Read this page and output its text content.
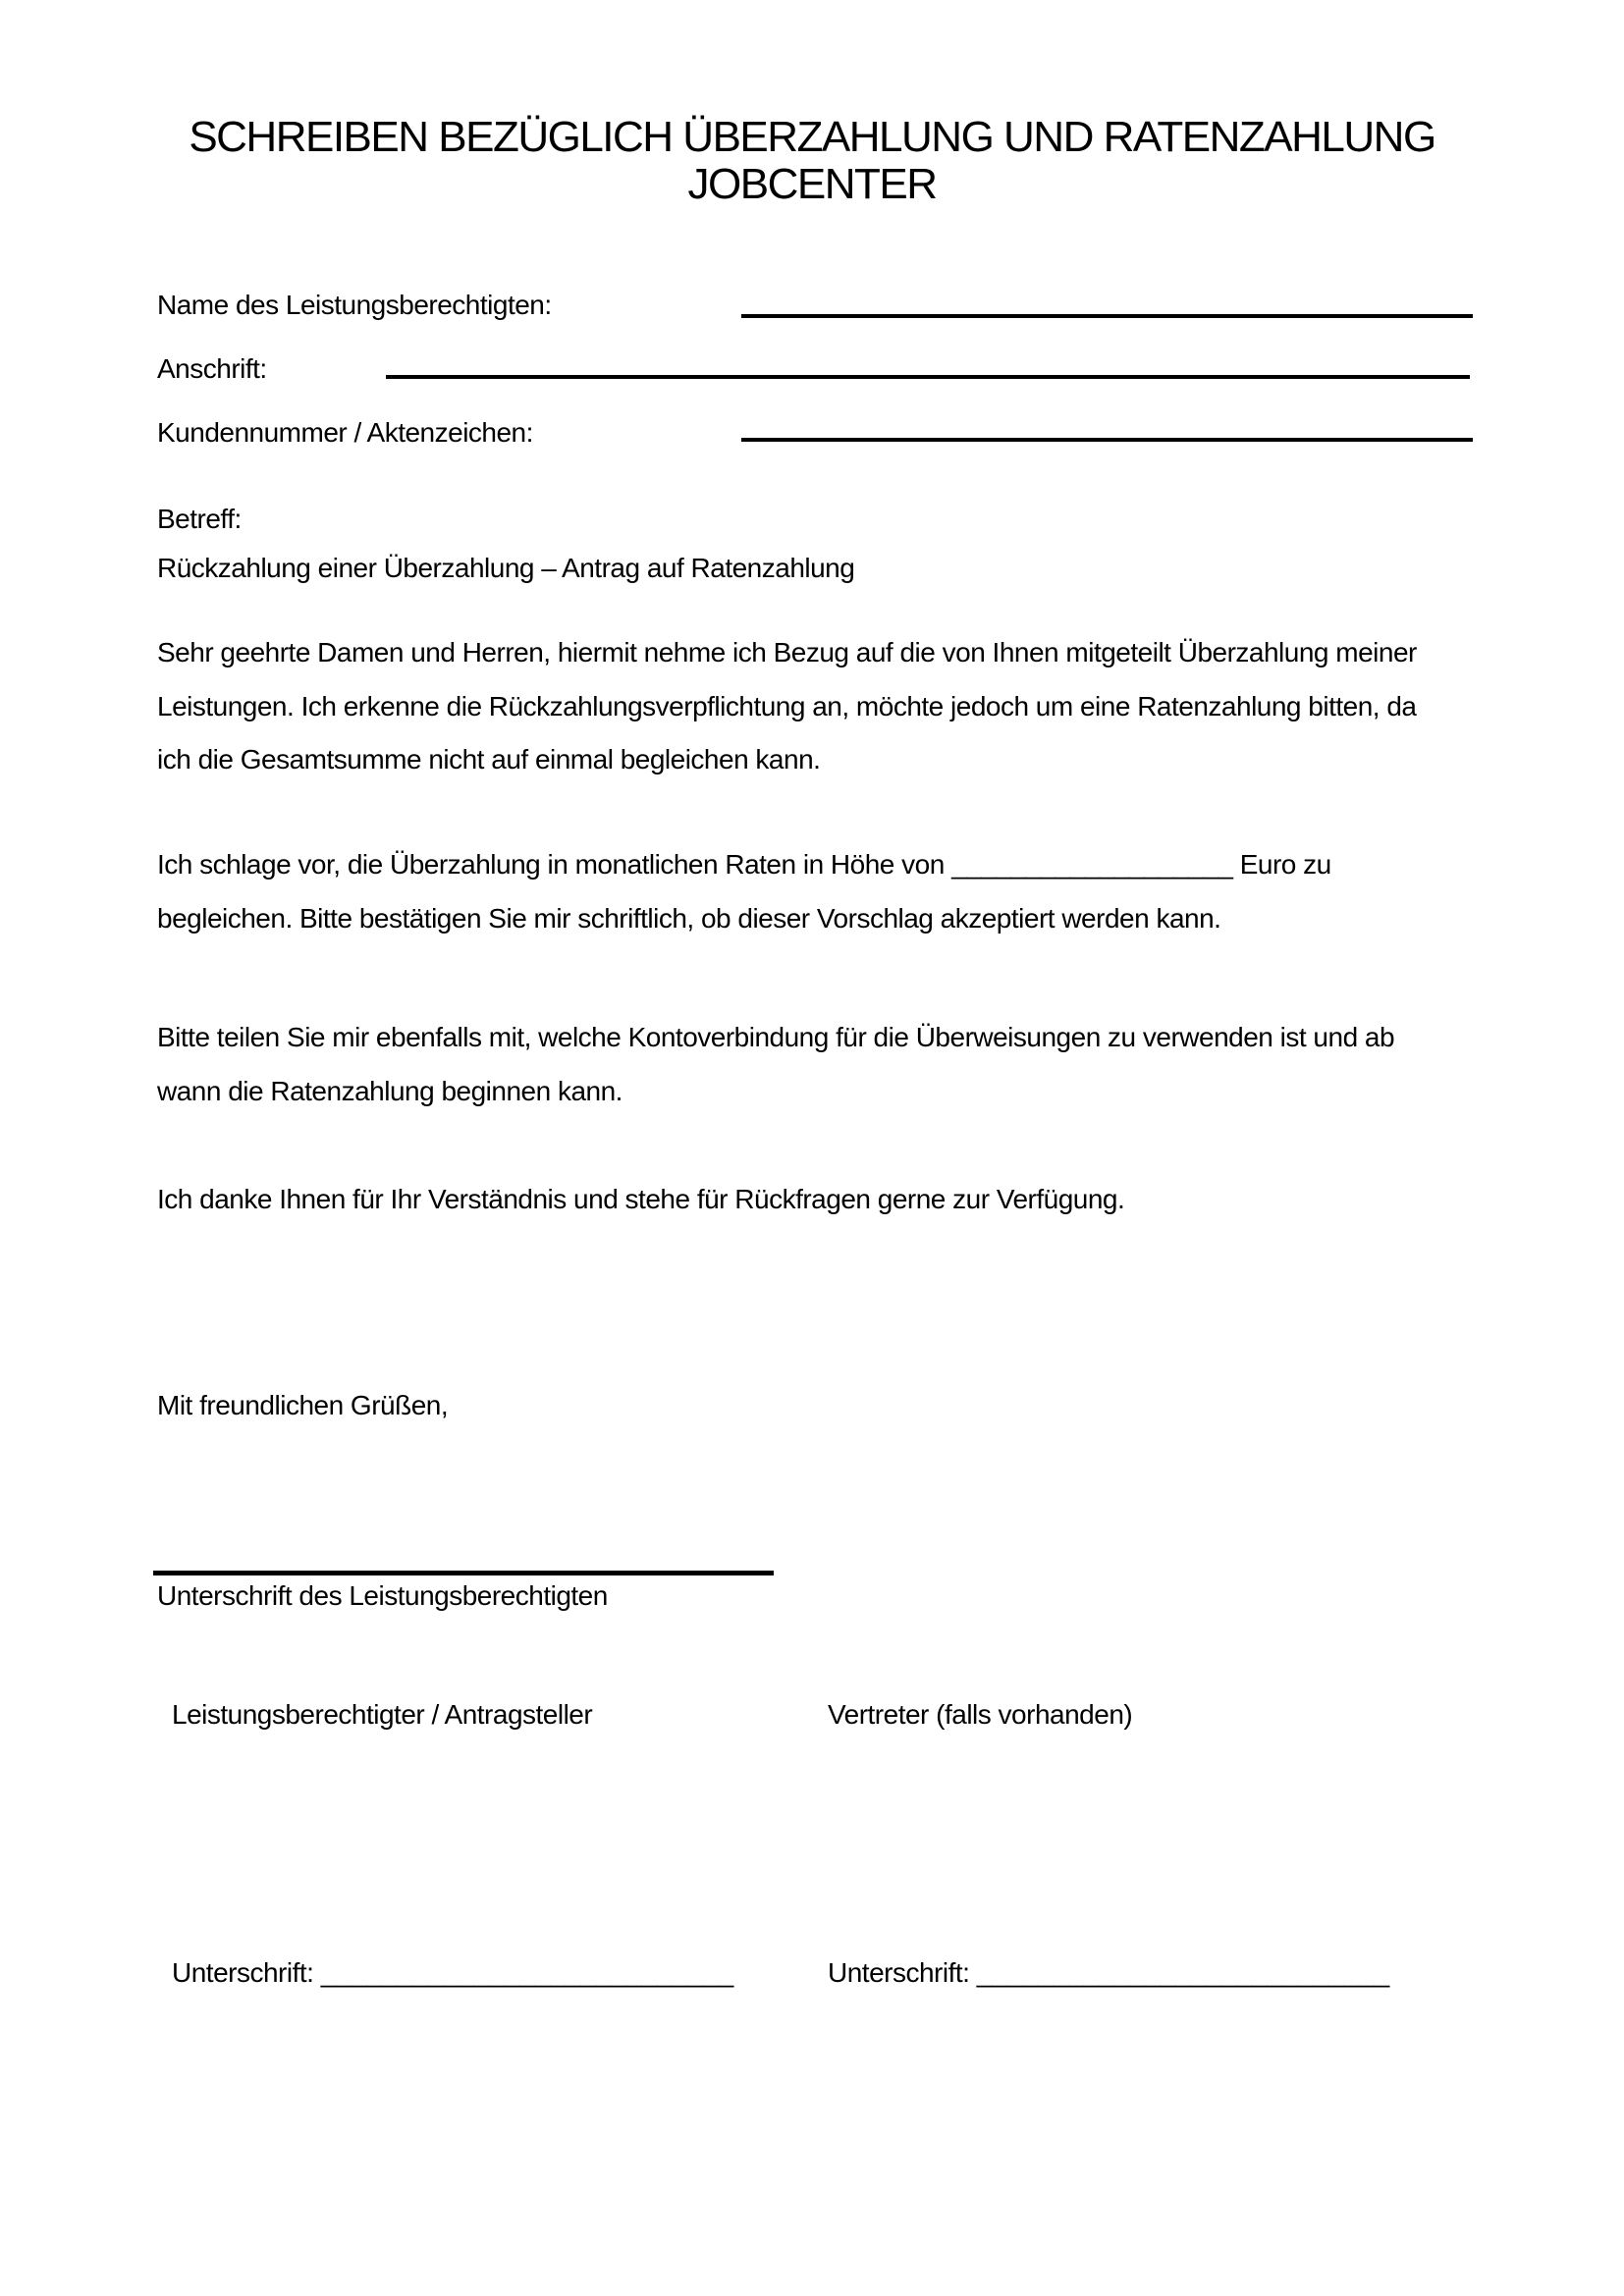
SCHREIBEN BEZÜGLICH ÜBERZAHLUNG UND RATENZAHLUNG
JOBCENTER
Name des Leistungsberechtigten:
Anschrift:
Kundennummer / Aktenzeichen:
Betreff:
Rückzahlung einer Überzahlung – Antrag auf Ratenzahlung
Sehr geehrte Damen und Herren, hiermit nehme ich Bezug auf die von Ihnen mitgeteilt Überzahlung meiner
Leistungen. Ich erkenne die Rückzahlungsverpflichtung an, möchte jedoch um eine Ratenzahlung bitten, da
ich die Gesamtsumme nicht auf einmal begleichen kann.
Ich schlage vor, die Überzahlung in monatlichen Raten in Höhe von ___________________ Euro zu
begleichen. Bitte bestätigen Sie mir schriftlich, ob dieser Vorschlag akzeptiert werden kann.
Bitte teilen Sie mir ebenfalls mit, welche Kontoverbindung für die Überweisungen zu verwenden ist und ab
wann die Ratenzahlung beginnen kann.
Ich danke Ihnen für Ihr Verständnis und stehe für Rückfragen gerne zur Verfügung.
Mit freundlichen Grüßen,
Unterschrift des Leistungsberechtigten
Leistungsberechtigter / Antragsteller	Vertreter (falls vorhanden)
Unterschrift: ___________________________	Unterschrift: ___________________________
